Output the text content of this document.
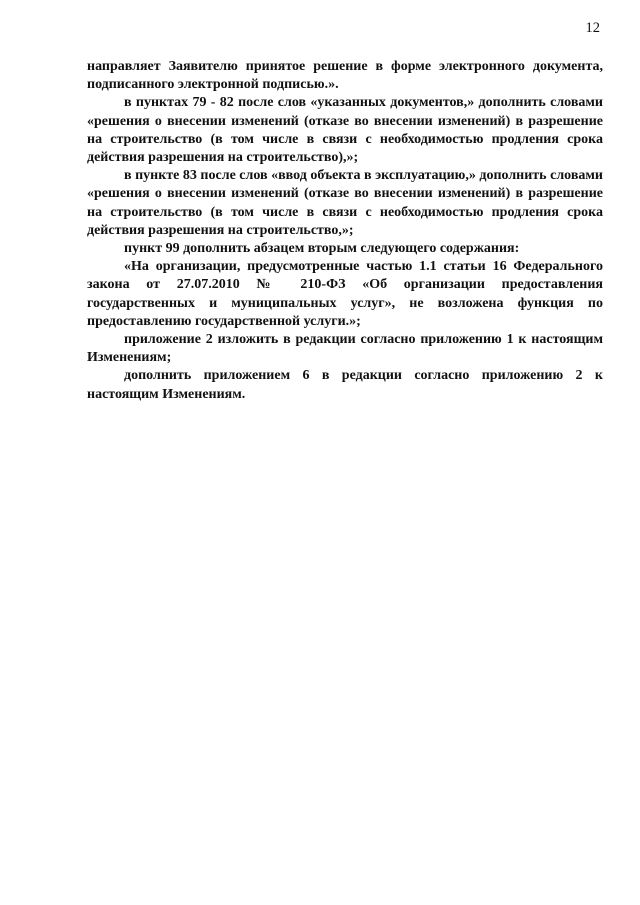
12

направляет Заявителю принятое решение в форме электронного документа, подписанного электронной подписью.».

в пунктах 79 - 82 после слов «указанных документов,» дополнить словами «решения о внесении изменений (отказе во внесении изменений) в разрешение на строительство (в том числе в связи с необходимостью продления срока действия разрешения на строительство),»;

в пункте 83 после слов «ввод объекта в эксплуатацию,» дополнить словами «решения о внесении изменений (отказе во внесении изменений) в разрешение на строительство (в том числе в связи с необходимостью продления срока действия разрешения на строительство,»;

пункт 99 дополнить абзацем вторым следующего содержания:

«На организации, предусмотренные частью 1.1 статьи 16 Федерального закона от 27.07.2010 № 210-ФЗ «Об организации предоставления государственных и муниципальных услуг», не возложена функция по предоставлению государственной услуги.»;

приложение 2 изложить в редакции согласно приложению 1 к настоящим Изменениям;

дополнить приложением 6 в редакции согласно приложению 2 к настоящим Изменениям.
